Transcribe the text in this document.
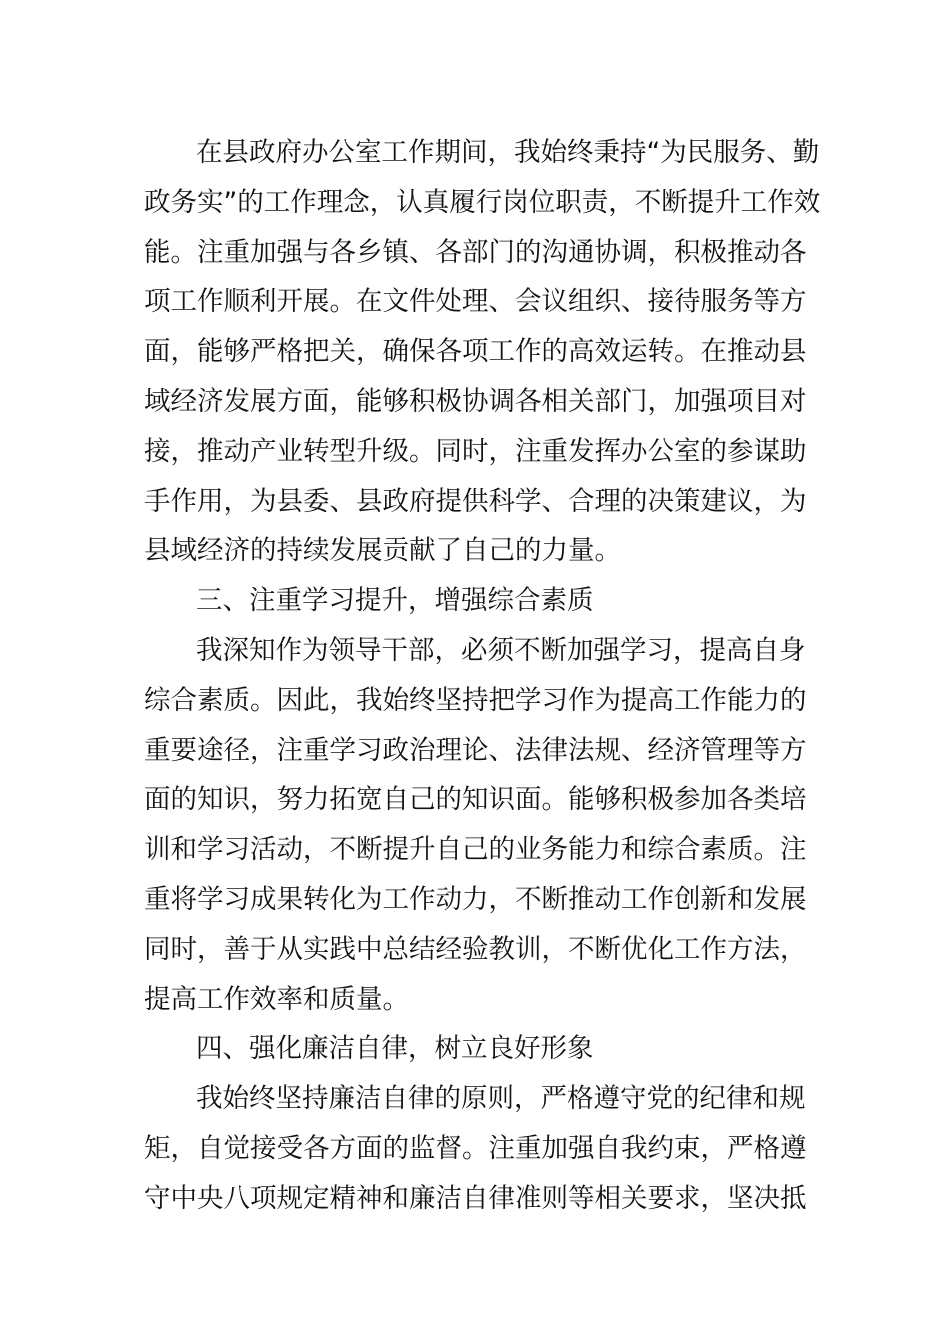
在县政府办公室工作期间，我始终秉持“为民服务、勤
政务实”的工作理念，认真履行岗位职责，不断提升工作效
能。注重加强与各乡镇、各部门的沟通协调，积极推动各
项工作顺利开展。在文件处理、会议组织、接待服务等方
面，能够严格把关，确保各项工作的高效运转。在推动县
域经济发展方面，能够积极协调各相关部门，加强项目对
接，推动产业转型升级。同时，注重发挥办公室的参谋助
手作用，为县委、县政府提供科学、合理的决策建议，为
县域经济的持续发展贡献了自己的力量。
三、注重学习提升，增强综合素质
我深知作为领导干部，必须不断加强学习，提高自身
综合素质。因此，我始终坚持把学习作为提高工作能力的
重要途径，注重学习政治理论、法律法规、经济管理等方
面的知识，努力拓宽自己的知识面。能够积极参加各类培
训和学习活动，不断提升自己的业务能力和综合素质。注
重将学习成果转化为工作动力，不断推动工作创新和发展
同时，善于从实践中总结经验教训，不断优化工作方法，
提高工作效率和质量。
四、强化廉洁自律，树立良好形象
我始终坚持廉洁自律的原则，严格遵守党的纪律和规
矩，自觉接受各方面的监督。注重加强自我约束，严格遵
守中央八项规定精神和廉洁自律准则等相关要求，坚决抵
